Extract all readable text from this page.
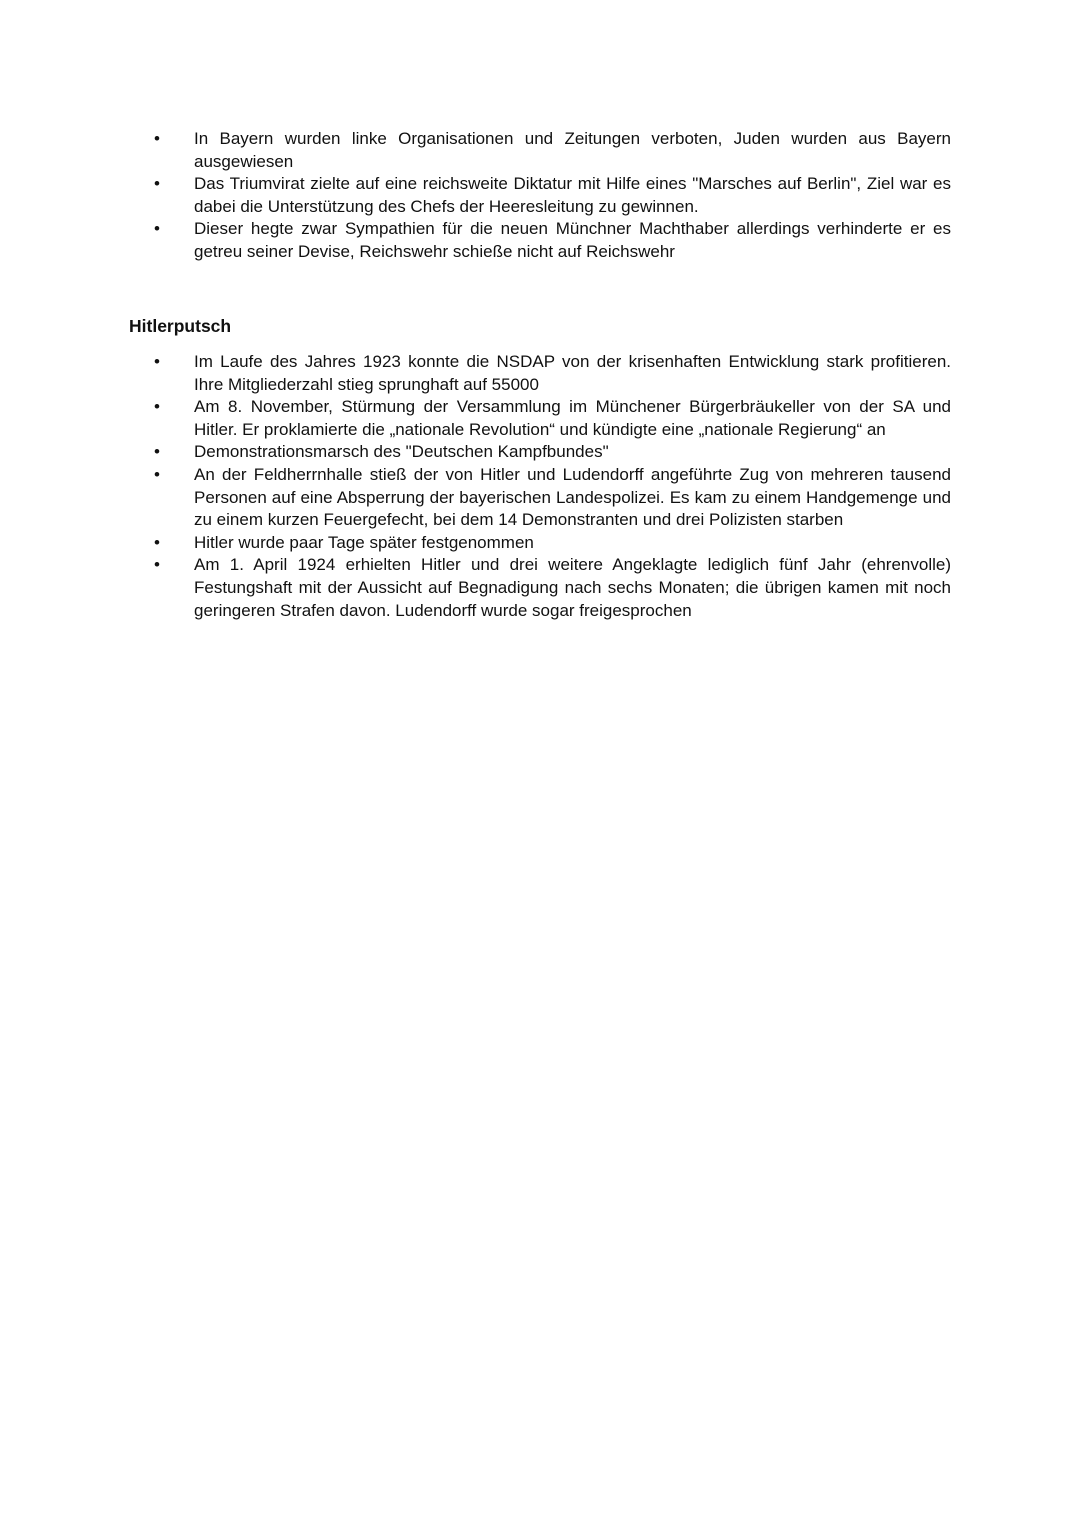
• In Bayern wurden linke Organisationen und Zeitungen verboten, Juden wurden aus Bayern ausgewiesen
• Das Triumvirat zielte auf eine reichsweite Diktatur mit Hilfe eines "Marsches auf Berlin", Ziel war es dabei die Unterstützung des Chefs der Heeresleitung zu gewinnen.
• Dieser hegte zwar Sympathien für die neuen Münchner Machthaber allerdings verhinderte er es getreu seiner Devise, Reichswehr schieße nicht auf Reichswehr
Hitlerputsch
• Im Laufe des Jahres 1923 konnte die NSDAP von der krisenhaften Entwicklung stark profitieren. Ihre Mitgliederzahl stieg sprunghaft auf 55000
• Am 8. November, Stürmung der Versammlung im Münchener Bürgerbräukeller von der SA und Hitler. Er proklamierte die „nationale Revolution“ und kündigte eine „nationale Regierung“ an
• Demonstrationsmarsch des "Deutschen Kampfbundes"
• An der Feldherrnhalle stieß der von Hitler und Ludendorff angeführte Zug von mehreren tausend Personen auf eine Absperrung der bayerischen Landespolizei. Es kam zu einem Handgemenge und zu einem kurzen Feuergefecht, bei dem 14 Demonstranten und drei Polizisten starben
• Hitler wurde paar Tage später festgenommen
• Am 1. April 1924 erhielten Hitler und drei weitere Angeklagte lediglich fünf Jahr (ehrenvolle) Festungshaft mit der Aussicht auf Begnadigung nach sechs Monaten; die übrigen kamen mit noch geringeren Strafen davon. Ludendorff wurde sogar freigesprochen
